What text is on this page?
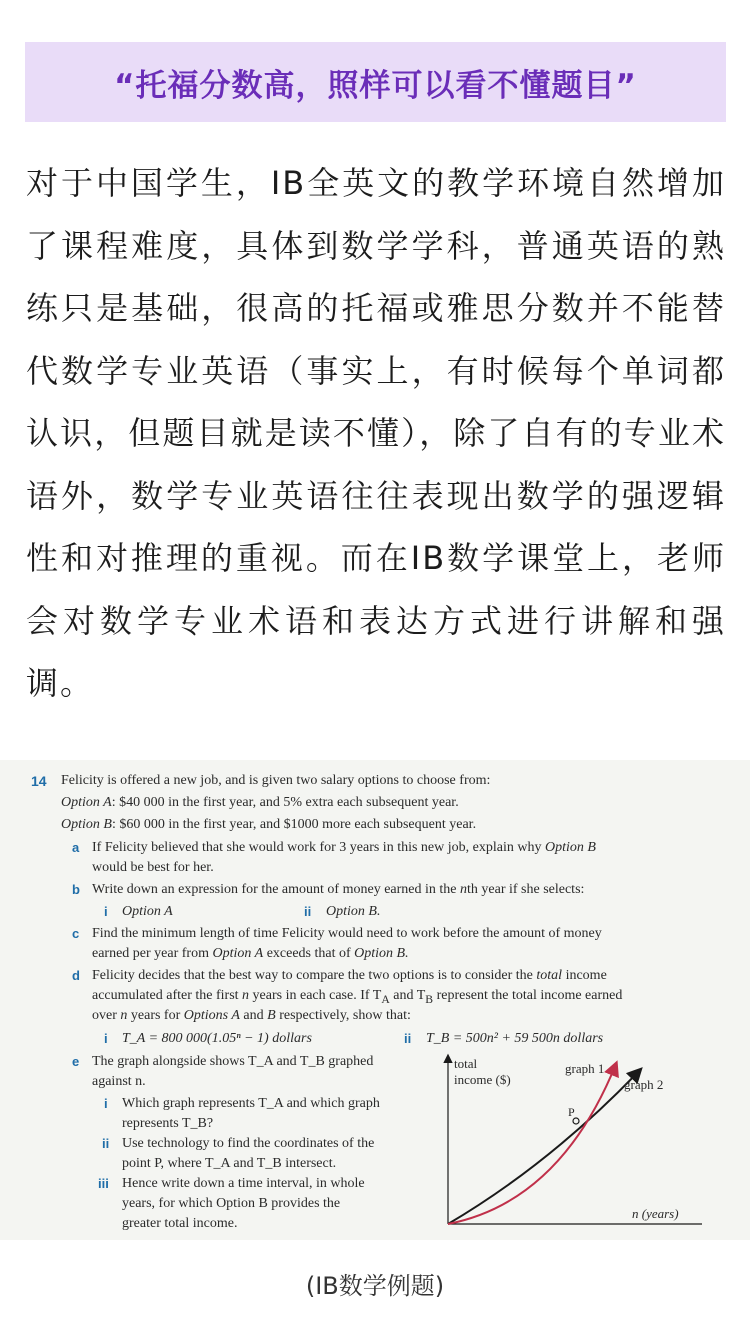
“托福分数高，照样可以看不懂题目”

对于中国学生，IB全英文的教学环境自然增加了课程难度，具体到数学学科，普通英语的熟练只是基础，很高的托福或雅思分数并不能替代数学专业英语（事实上，有时候每个单词都认识，但题目就是读不懂），除了自有的专业术语外，数学专业英语往往表现出数学的强逻辑性和对推理的重视。而在IB数学课堂上，老师会对数学专业术语和表达方式进行讲解和强调。

14 Felicity is offered a new job, and is given two salary options to choose from:
Option A: $40 000 in the first year, and 5% extra each subsequent year.
Option B: $60 000 in the first year, and $1000 more each subsequent year.
a If Felicity believed that she would work for 3 years in this new job, explain why Option B
would be best for her.
b Write down an expression for the amount of money earned in the nth year if she selects:
i Option A	ii Option B.
c Find the minimum length of time Felicity would need to work before the amount of money
earned per year from Option A exceeds that of Option B.
d Felicity decides that the best way to compare the two options is to consider the total income
accumulated after the first n years in each case. If $T_A$ and $T_B$ represent the total income earned
over n years for Options A and B respectively, show that:
i T_A = 800 000(1.05ⁿ − 1) dollars	ii T_B = 500n² + 59 500n dollars
e The graph alongside shows T_A and T_B graphed
against n.
i Which graph represents T_A and which graph
represents T_B?
ii Use technology to find the coordinates of the
point P, where T_A and T_B intersect.
iii Hence write down a time interval, in whole
years, for which Option B provides the
greater total income.
total
income ($)
graph 1
graph 2
P
n (years)
(IB数学例题)
